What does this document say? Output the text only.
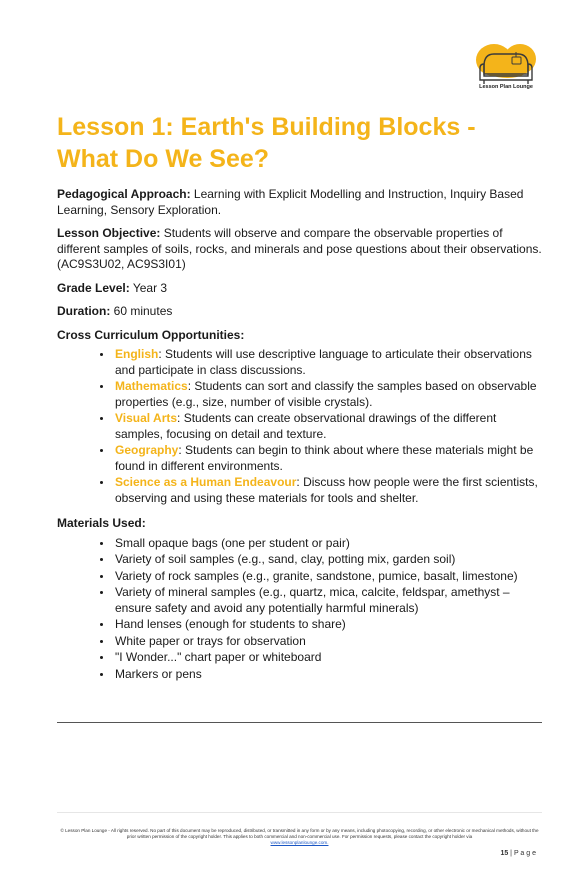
Lesson Plan Lounge
Lesson 1: Earth's Building Blocks - What Do We See?

Pedagogical Approach: Learning with Explicit Modelling and Instruction, Inquiry Based Learning, Sensory Exploration.

Lesson Objective: Students will observe and compare the observable properties of different samples of soils, rocks, and minerals and pose questions about their observations. (AC9S3U02, AC9S3I01)

Grade Level: Year 3

Duration: 60 minutes

Cross Curriculum Opportunities:

• English: Students will use descriptive language to articulate their observations and participate in class discussions.
• Mathematics: Students can sort and classify the samples based on observable properties (e.g., size, number of visible crystals).
• Visual Arts: Students can create observational drawings of the different samples, focusing on detail and texture.
• Geography: Students can begin to think about where these materials might be found in different environments.
• Science as a Human Endeavour: Discuss how people were the first scientists, observing and using these materials for tools and shelter.

Materials Used:

• Small opaque bags (one per student or pair)
• Variety of soil samples (e.g., sand, clay, potting mix, garden soil)
• Variety of rock samples (e.g., granite, sandstone, pumice, basalt, limestone)
• Variety of mineral samples (e.g., quartz, mica, calcite, feldspar, amethyst – ensure safety and avoid any potentially harmful minerals)
• Hand lenses (enough for students to share)
• White paper or trays for observation
• "I Wonder..." chart paper or whiteboard
• Markers or pens
© Lesson Plan Lounge - All rights reserved. No part of this document may be reproduced, distributed, or transmitted in any form or by any means, including photocopying, recording, or other electronic or mechanical methods, without the prior written permission of the copyright holder. This applies to both commercial and non-commercial use. For permission requests, please contact the copyright holder via
www.lessonplanlounge.com.
15 | P a g e
